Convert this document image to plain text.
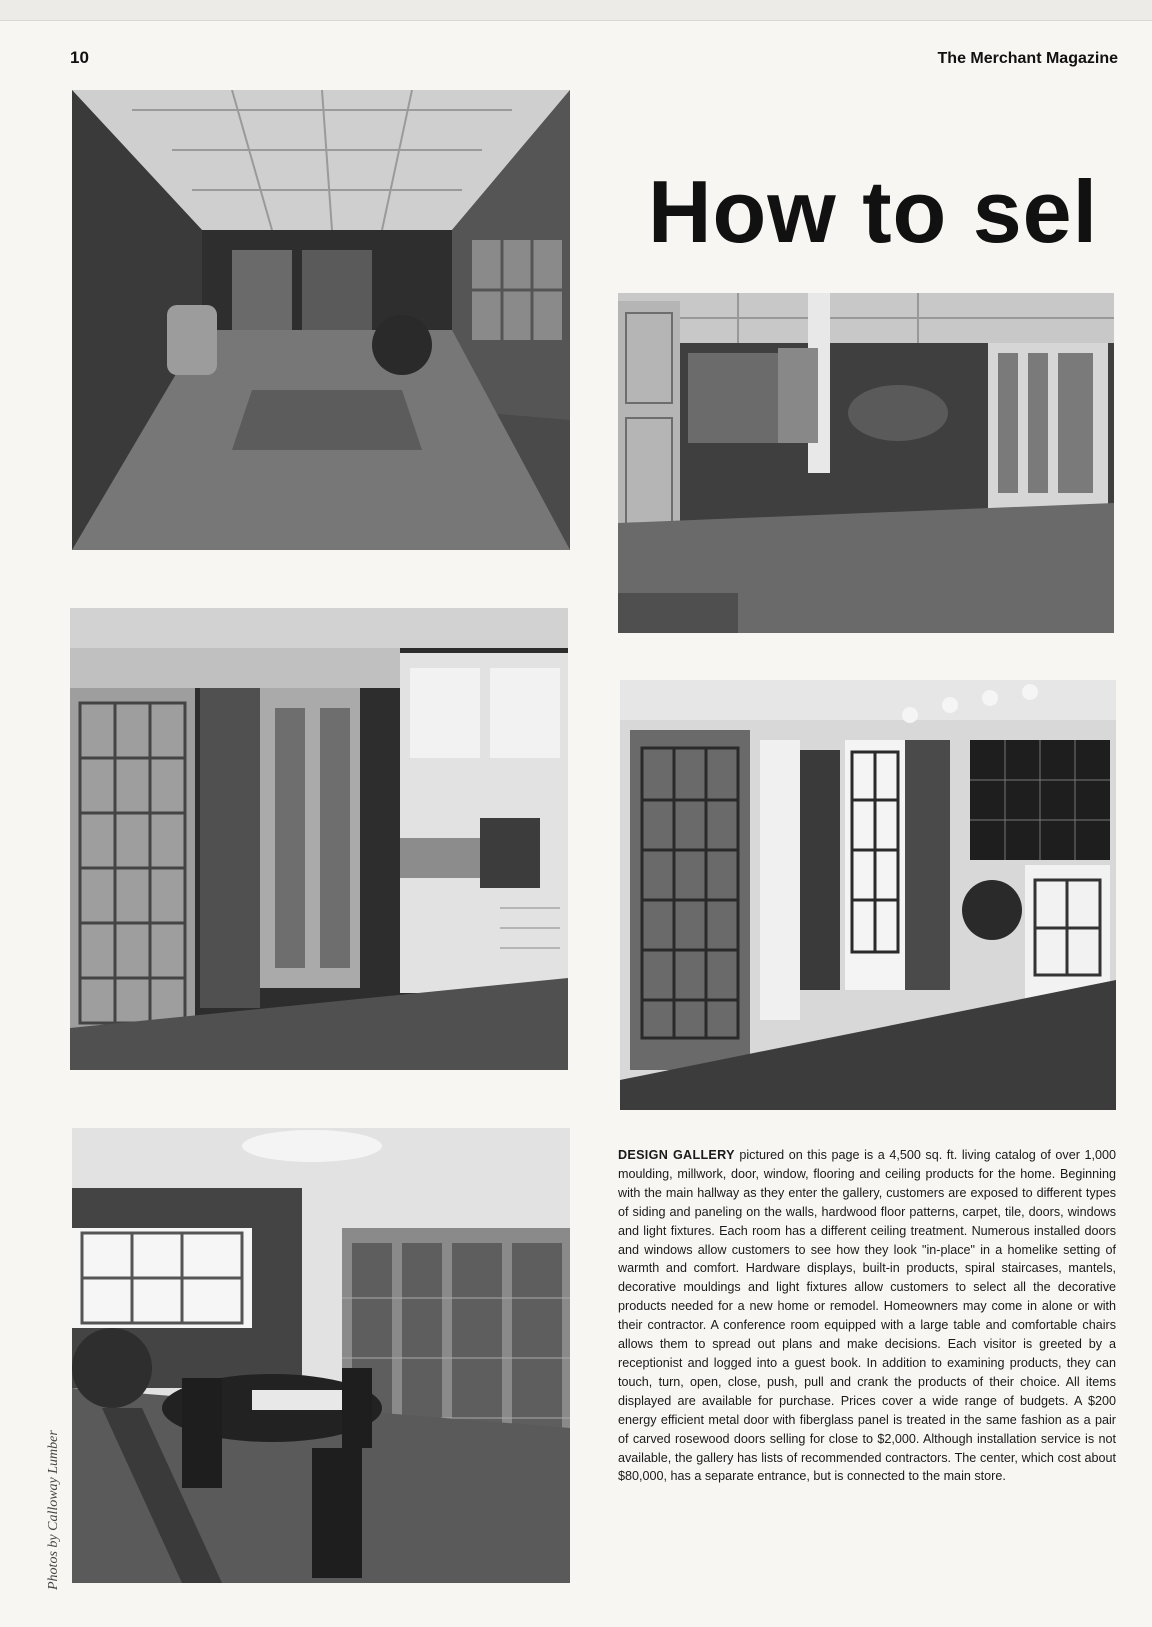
10	The Merchant Magazine
How to sel
Photos by Calloway Lumber
DESIGN GALLERY pictured on this page is a 4,500 sq. ft. living catalog of over 1,000 moulding, millwork, door, window, flooring and ceiling products for the home. Beginning with the main hallway as they enter the gallery, customers are exposed to different types of siding and paneling on the walls, hardwood floor patterns, carpet, tile, doors, windows and light fixtures. Each room has a different ceiling treatment. Numerous installed doors and windows allow customers to see how they look "in-place" in a homelike setting of warmth and comfort. Hardware displays, built-in products, spiral staircases, mantels, decorative mouldings and light fixtures allow customers to select all the decorative products needed for a new home or remodel. Homeowners may come in alone or with their contractor. A conference room equipped with a large table and comfortable chairs allows them to spread out plans and make decisions. Each visitor is greeted by a receptionist and logged into a guest book. In addition to examining products, they can touch, turn, open, close, push, pull and crank the products of their choice. All items displayed are available for purchase. Prices cover a wide range of budgets. A $200 energy efficient metal door with fiberglass panel is treated in the same fashion as a pair of carved rosewood doors selling for close to $2,000. Although installation service is not available, the gallery has lists of recommended contractors. The center, which cost about $80,000, has a separate entrance, but is connected to the main store.
